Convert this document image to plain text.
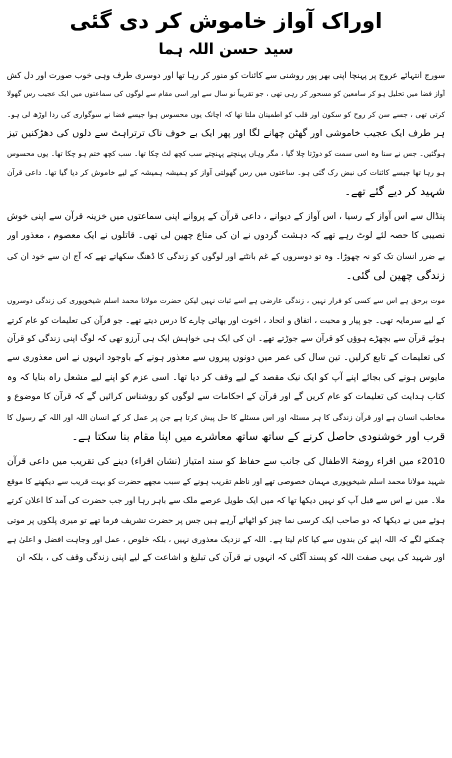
اوراک آواز خاموش کر دی گئی
سید حسن اللہ ہما
سورج انتہائے عروج پر پہنچا اپنی بھر پور روشنی سے کائنات کو منور کر رہا تھا اور دوسری طرف وہی خوب صورت اور دل کش
آواز فضا میں تحلیل ہو کر سامعین کو مسحور کر رہی تھی ، جو تقریباً نو سال سے اور اسی مقام سے لوگوں کی سماعتوں میں ایک عجیب رس گھولا
کرتی تھی ، جسے سن کر روح کو سکون اور قلب کو اطمینان ملتا تھا کہ اچانک یوں محسوس ہوا جیسے فضا نے سوگواری کی ردا اوڑھ لی ہو۔
ہر طرف ایک عجیب خاموشی اور گھٹن چھانے لگا اور پھر ایک بے خوف ناک ترتراہٹ سے دلوں کی دھڑکنیں تیز
ہوگئیں۔ جس نے سنا وہ اسی سمت کو دوڑتا چلا گیا ، مگر وہاں پہنچتے پہنچتے سب کچھ لٹ چکا تھا۔ سب کچھ ختم ہو چکا تھا۔ یوں محسوس
ہو رہا تھا جیسے کائنات کی نبض رک گئی ہو۔ ساعتوں میں رس گھولتی آواز کو ہمیشہ ہمیشہ کے لیے خاموش کر دیا گیا تھا۔ داعی قرآن
شہید کر دیے گئے تھے۔
پنڈال سے اس آواز کے رسیا ، اس آواز کے دیوانے ، داعی قرآن کے پروانے اپنی سماعتوں میں خزینہ قرآن سے اپنی خوش
نصیبی کا حصہ لئے لوٹ رہے تھے کہ دہشت گردوں نے ان کی متاع چھین لی تھی۔ قاتلوں نے ایک معصوم ، معذور اور
بے ضرر انسان تک کو نہ چھوڑا۔ وہ تو دوسروں کے غم بانٹتے اور لوگوں کو زندگی کا ڈھنگ سکھاتے تھے کہ آج ان سے خود ان کی
زندگی چھین لی گئی۔
موت برحق ہے اس سے کسی کو فرار نہیں ، زندگی عارضی ہے اسے ثبات نہیں لیکن حضرت مولانا محمد اسلم شیخوپوری کی زندگی دوسروں
کے لیے سرمایہ تھی۔ جو پیار و محبت ، اتفاق و اتحاد ، اخوت اور بھائی چارے کا درس دیتے تھے۔ جو قرآن کی تعلیمات کو عام کرتے
ہوئے قرآن سے بچھڑے ہوؤں کو قرآن سے جوڑتے تھے۔ ان کی ایک ہی خواہش ایک ہی آرزو تھی کہ لوگ اپنی زندگی کو قرآن
کی تعلیمات کے تابع کرلیں۔ تین سال کی عمر میں دونوں پیروں سے معذور ہونے کے باوجود انہوں نے اس معذوری سے
مایوس ہونے کی بجائے اپنے آپ کو ایک نیک مقصد کے لیے وقف کر دیا تھا۔ اسی عزم کو اپنے لیے مشعل راہ بنایا کہ وہ
کتاب ہدایت کی تعلیمات کو عام کریں گے اور قرآن کے احکامات سے لوگوں کو روشناس کرائیں گے کہ قرآن کا موضوع و
مخاطب انسان ہے اور قرآن زندگی کا ہر مسئلہ اور اس مسئلے کا حل پیش کرتا ہے جن پر عمل کر کے انسان اللہ اور اللہ کے رسول کا
قرب اور خوشنودی حاصل کرنے کے ساتھ ساتھ معاشرے میں اپنا مقام بنا سکتا ہے۔
2010ء میں اقراء روضۃ الاطفال کی جانب سے حفاظ کو سند امتیاز (نشان اقراء) دینے کی تقریب میں داعی قرآن
شہید مولانا محمد اسلم شیخوپوری مہمان خصوصی تھے اور ناظم تقریب ہونے کے سبب مجھے حضرت کو بہت قریب سے دیکھنے کا موقع
ملا۔ میں نے اس سے قبل آپ کو نہیں دیکھا تھا کہ میں ایک طویل عرصے ملک سے باہر رہا اور جب حضرت کی آمد کا اعلان کرتے
ہوئے میں نے دیکھا کہ دو صاحب ایک کرسی نما چیز کو اٹھائے آرہے ہیں جس پر حضرت تشریف فرما تھے تو میری پلکوں پر موتی
چمکنے لگے کہ اللہ اپنے کن بندوں سے کیا کام لیتا ہے۔ اللہ کے نزدیک معذوری نہیں ، بلکہ خلوص ، عمل اور وجاہت افضل و اعلیٰ ہے
اور شہید کی یہی صفت اللہ کو پسند آگئی کہ انہوں نے قرآن کی تبلیغ و اشاعت کے لیے اپنی زندگی وقف کی ، بلکہ ان
